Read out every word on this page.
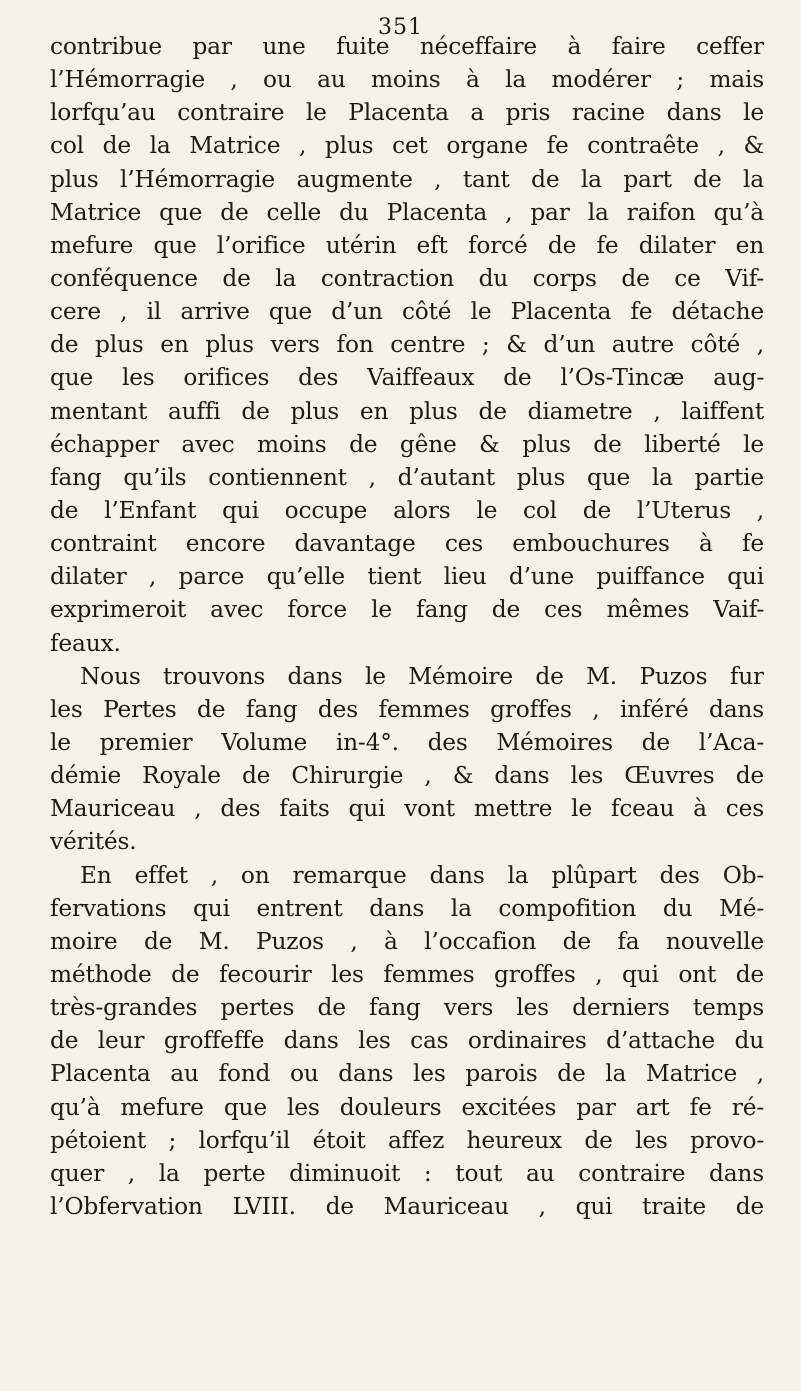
351
contribue par une fuite néceffaire à faire ceffer
l’Hémorragie , ou au moins à la modérer ; mais
lorfqu’au contraire le Placenta a pris racine dans le
col de la Matrice , plus cet organe fe contraête , &
plus l’Hémorragie augmente , tant de la part de la
Matrice que de celle du Placenta , par la raifon qu’à
mefure que l’orifice utérin eft forcé de fe dilater en
conféquence de la contraction du corps de ce Vif-
cere , il arrive que d’un côté le Placenta fe détache
de plus en plus vers fon centre ; & d’un autre côté ,
que les orifices des Vaiffeaux de l’Os-Tincæ aug-
mentant auffi de plus en plus de diametre , laiffent
échapper avec moins de gêne & plus de liberté le
fang qu’ils contiennent , d’autant plus que la partie
de l’Enfant qui occupe alors le col de l’Uterus ,
contraint encore davantage ces embouchures à fe
dilater , parce qu’elle tient lieu d’une puiffance qui
exprimeroit avec force le fang de ces mêmes Vaif-
feaux.
Nous trouvons dans le Mémoire de M. Puzos fur
les Pertes de fang des femmes groffes , inféré dans
le premier Volume in-4°. des Mémoires de l’Aca-
démie Royale de Chirurgie , & dans les Œuvres de
Mauriceau , des faits qui vont mettre le fceau à ces
vérités.
En effet , on remarque dans la plûpart des Ob-
fervations qui entrent dans la compofition du Mé-
moire de M. Puzos , à l’occafion de fa nouvelle
méthode de fecourir les femmes groffes , qui ont de
très-grandes pertes de fang vers les derniers temps
de leur groffeffe dans les cas ordinaires d’attache du
Placenta au fond ou dans les parois de la Matrice ,
qu’à mefure que les douleurs excitées par art fe ré-
pétoient ; lorfqu’il étoit affez heureux de les provo-
quer , la perte diminuoit : tout au contraire dans
l’Obfervation LVIII. de Mauriceau , qui traite de
